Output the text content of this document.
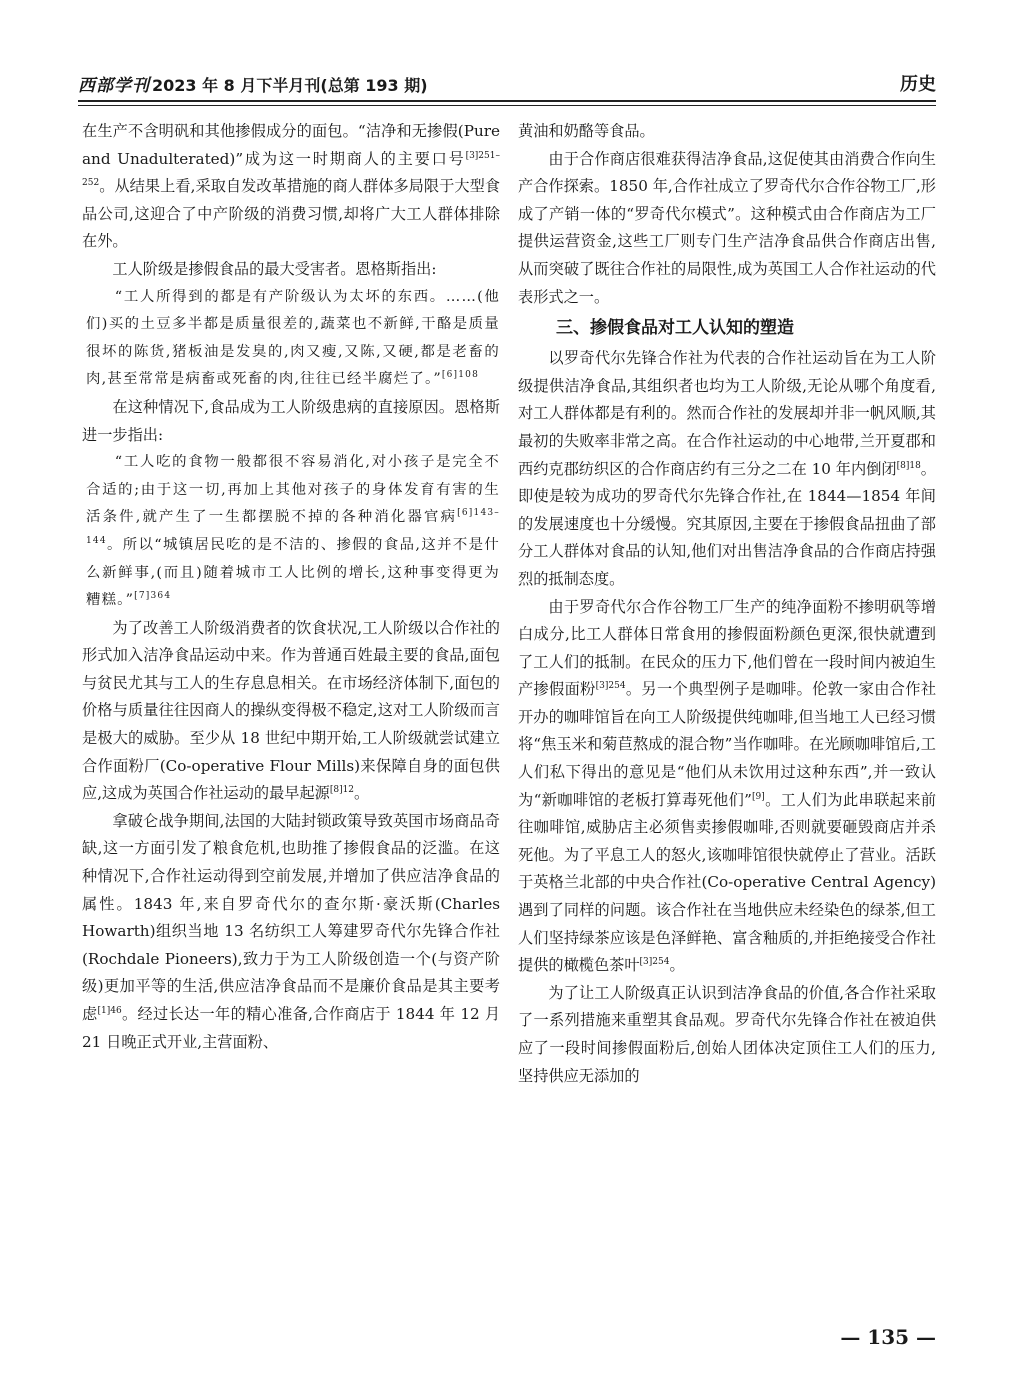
西部学刊 2023 年 8 月下半月刊(总第 193 期)	历史

在生产不含明矾和其他掺假成分的面包。“洁净和无掺假(Pure and Unadulterated)”成为这一时期商人的主要口号$^{[3]251-252}$。从结果上看,采取自发改革措施的商人群体多局限于大型食品公司,这迎合了中产阶级的消费习惯,却将广大工人群体排除在外。

工人阶级是掺假食品的最大受害者。恩格斯指出:

“工人所得到的都是有产阶级认为太坏的东西。……(他们)买的土豆多半都是质量很差的,蔬菜也不新鲜,干酪是质量很坏的陈货,猪板油是发臭的,肉又瘦,又陈,又硬,都是老畜的肉,甚至常常是病畜或死畜的肉,往往已经半腐烂了。”$^{[6]108}$

在这种情况下,食品成为工人阶级患病的直接原因。恩格斯进一步指出:

“工人吃的食物一般都很不容易消化,对小孩子是完全不合适的;由于这一切,再加上其他对孩子的身体发育有害的生活条件,就产生了一生都摆脱不掉的各种消化器官病$^{[6]143-144}$。所以“城镇居民吃的是不洁的、掺假的食品,这并不是什么新鲜事,(而且)随着城市工人比例的增长,这种事变得更为糟糕。”$^{[7]364}$

为了改善工人阶级消费者的饮食状况,工人阶级以合作社的形式加入洁净食品运动中来。作为普通百姓最主要的食品,面包与贫民尤其与工人的生存息息相关。在市场经济体制下,面包的价格与质量往往因商人的操纵变得极不稳定,这对工人阶级而言是极大的威胁。至少从 18 世纪中期开始,工人阶级就尝试建立合作面粉厂(Co-operative Flour Mills)来保障自身的面包供应,这成为英国合作社运动的最早起源$^{[8]12}$。

拿破仑战争期间,法国的大陆封锁政策导致英国市场商品奇缺,这一方面引发了粮食危机,也助推了掺假食品的泛滥。在这种情况下,合作社运动得到空前发展,并增加了供应洁净食品的属性。1843 年,来自罗奇代尔的查尔斯·豪沃斯(Charles Howarth)组织当地 13 名纺织工人筹建罗奇代尔先锋合作社(Rochdale Pioneers),致力于为工人阶级创造一个(与资产阶级)更加平等的生活,供应洁净食品而不是廉价食品是其主要考虑$^{[1]46}$。经过长达一年的精心准备,合作商店于 1844 年 12 月 21 日晚正式开业,主营面粉、

黄油和奶酪等食品。

由于合作商店很难获得洁净食品,这促使其由消费合作向生产合作探索。1850 年,合作社成立了罗奇代尔合作谷物工厂,形成了产销一体的“罗奇代尔模式”。这种模式由合作商店为工厂提供运营资金,这些工厂则专门生产洁净食品供合作商店出售,从而突破了既往合作社的局限性,成为英国工人合作社运动的代表形式之一。

三、掺假食品对工人认知的塑造

以罗奇代尔先锋合作社为代表的合作社运动旨在为工人阶级提供洁净食品,其组织者也均为工人阶级,无论从哪个角度看,对工人群体都是有利的。然而合作社的发展却并非一帆风顺,其最初的失败率非常之高。在合作社运动的中心地带,兰开夏郡和西约克郡纺织区的合作商店约有三分之二在 10 年内倒闭$^{[8]18}$。即使是较为成功的罗奇代尔先锋合作社,在 1844—1854 年间的发展速度也十分缓慢。究其原因,主要在于掺假食品扭曲了部分工人群体对食品的认知,他们对出售洁净食品的合作商店持强烈的抵制态度。

由于罗奇代尔合作谷物工厂生产的纯净面粉不掺明矾等增白成分,比工人群体日常食用的掺假面粉颜色更深,很快就遭到了工人们的抵制。在民众的压力下,他们曾在一段时间内被迫生产掺假面粉$^{[3]254}$。另一个典型例子是咖啡。伦敦一家由合作社开办的咖啡馆旨在向工人阶级提供纯咖啡,但当地工人已经习惯将“焦玉米和菊苣熬成的混合物”当作咖啡。在光顾咖啡馆后,工人们私下得出的意见是“他们从未饮用过这种东西”,并一致认为“新咖啡馆的老板打算毒死他们”[9]。工人们为此串联起来前往咖啡馆,威胁店主必须售卖掺假咖啡,否则就要砸毁商店并杀死他。为了平息工人的怒火,该咖啡馆很快就停止了营业。活跃于英格兰北部的中央合作社(Co-operative Central Agency)遇到了同样的问题。该合作社在当地供应未经染色的绿茶,但工人们坚持绿茶应该是色泽鲜艳、富含釉质的,并拒绝接受合作社提供的橄榄色茶叶$^{[3]254}$。

为了让工人阶级真正认识到洁净食品的价值,各合作社采取了一系列措施来重塑其食品观。罗奇代尔先锋合作社在被迫供应了一段时间掺假面粉后,创始人团体决定顶住工人们的压力,坚持供应无添加的

— 135 —
